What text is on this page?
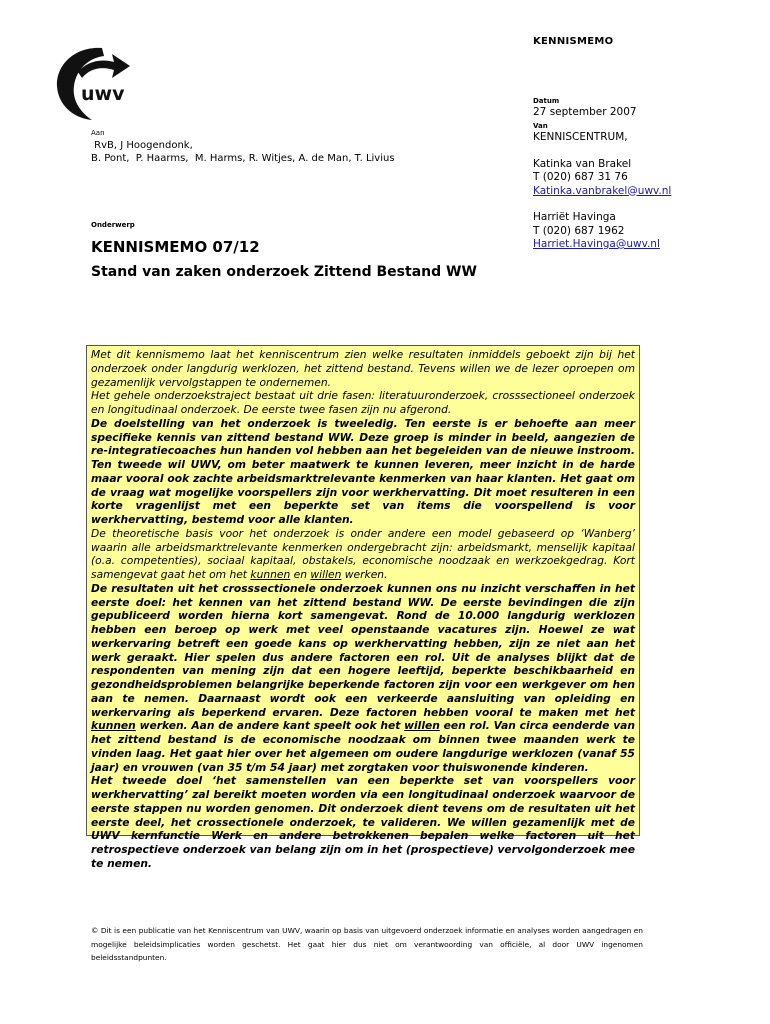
KENNISMEMO
uwv
Aan
RvB, J Hoogendonk,
B. Pont,  P. Haarms,  M. Harms, R. Witjes, A. de Man, T. Livius
Datum
27 september 2007
Van
KENNISCENTRUM,
Katinka van Brakel
T (020) 687 31 76
Katinka.vanbrakel@uwv.nl
Harriët Havinga
T (020) 687 1962
Harriet.Havinga@uwv.nl
Onderwerp
KENNISMEMO 07/12
Stand van zaken onderzoek Zittend Bestand WW

Met dit kennismemo laat het kenniscentrum zien welke resultaten inmiddels geboekt zijn bij het onderzoek onder langdurig werklozen, het zittend bestand. Tevens willen we de lezer oproepen om gezamenlijk vervolgstappen te ondernemen.

Het gehele onderzoekstraject bestaat uit drie fasen: literatuuronderzoek, crosssectioneel onderzoek en longitudinaal onderzoek. De eerste twee fasen zijn nu afgerond.

De doelstelling van het onderzoek is tweeledig. Ten eerste is er behoefte aan meer specifieke kennis van zittend bestand WW. Deze groep is minder in beeld, aangezien de re-integratiecoaches hun handen vol hebben aan het begeleiden van de nieuwe instroom. Ten tweede wil UWV, om beter maatwerk te kunnen leveren, meer inzicht in de harde maar vooral ook zachte arbeidsmarktrelevante kenmerken van haar klanten. Het gaat om de vraag wat mogelijke voorspellers zijn voor werkhervatting. Dit moet resulteren in een korte vragenlijst met een beperkte set van items die voorspellend is voor werkhervatting, bestemd voor alle klanten.

De theoretische basis voor het onderzoek is onder andere een model gebaseerd op ‘Wanberg’ waarin alle arbeidsmarktrelevante kenmerken ondergebracht zijn: arbeidsmarkt, menselijk kapitaal (o.a. competenties), sociaal kapitaal, obstakels, economische noodzaak en werkzoekgedrag. Kort samengevat gaat het om het kunnen en willen werken.

De resultaten uit het crosssectionele onderzoek kunnen ons nu inzicht verschaffen in het eerste doel: het kennen van het zittend bestand WW. De eerste bevindingen die zijn gepubliceerd worden hierna kort samengevat. Rond de 10.000 langdurig werklozen hebben een beroep op werk met veel openstaande vacatures zijn. Hoewel ze wat werkervaring betreft een goede kans op werkhervatting hebben, zijn ze niet aan het werk geraakt. Hier spelen dus andere factoren een rol. Uit de analyses blijkt dat de respondenten van mening zijn dat een hogere leeftijd, beperkte beschikbaarheid en gezondheidsproblemen belangrijke beperkende factoren zijn voor een werkgever om hen aan te nemen. Daarnaast wordt ook een verkeerde aansluiting van opleiding en werkervaring als beperkend ervaren. Deze factoren hebben vooral te maken met het kunnen werken. Aan de andere kant speelt ook het willen een rol. Van circa eenderde van het zittend bestand is de economische noodzaak om binnen twee maanden werk te vinden laag. Het gaat hier over het algemeen om oudere langdurige werklozen (vanaf 55 jaar) en vrouwen (van 35 t/m 54 jaar) met zorgtaken voor thuiswonende kinderen.

Het tweede doel ‘het samenstellen van een beperkte set van voorspellers voor werkhervatting’ zal bereikt moeten worden via een longitudinaal onderzoek waarvoor de eerste stappen nu worden genomen. Dit onderzoek dient tevens om de resultaten uit het eerste deel, het crossectionele onderzoek, te valideren. We willen gezamenlijk met de UWV kernfunctie Werk en andere betrokkenen bepalen welke factoren uit het retrospectieve onderzoek van belang zijn om in het (prospectieve) vervolgonderzoek mee te nemen.

© Dit is een publicatie van het Kenniscentrum van UWV, waarin op basis van uitgevoerd onderzoek informatie en analyses worden aangedragen en mogelijke beleidsimplicaties worden geschetst. Het gaat hier dus niet om verantwoording van officiële, al door UWV ingenomen beleidsstandpunten.
